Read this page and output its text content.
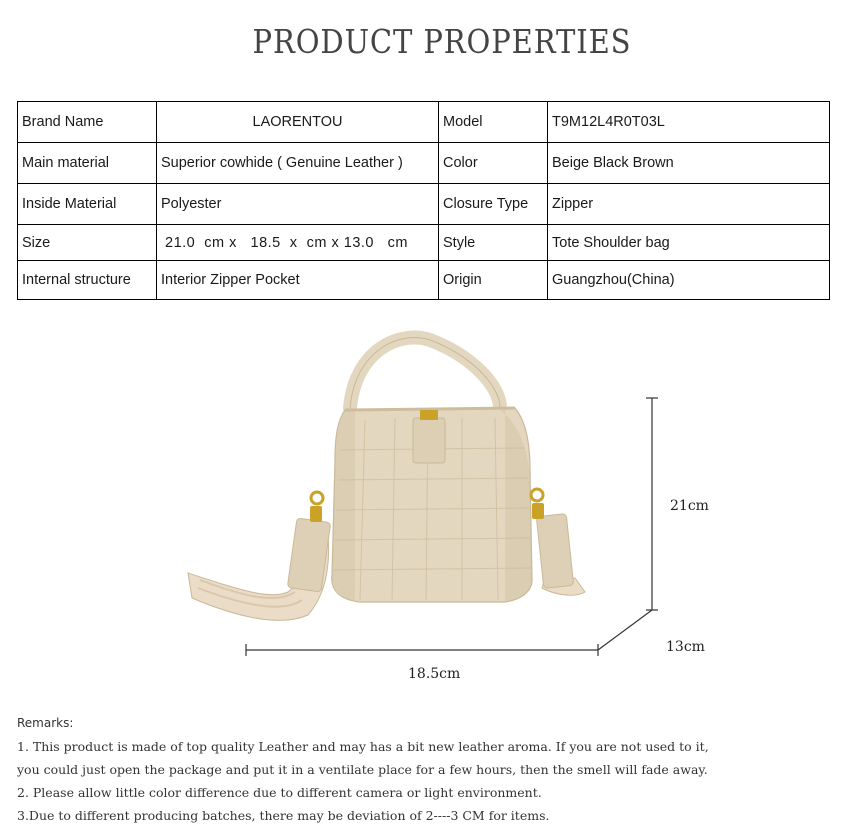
PRODUCT PROPERTIES
Brand Name	LAORENTOU	Model	T9M12L4R0T03L
Main material	Superior cowhide ( Genuine Leather )	Color	Beige Black Brown
Inside Material	Polyester	Closure Type	Zipper
Size	21.0 cm x 18.5 x cm x 13.0 cm	Style	Tote Shoulder bag
Internal structure	Interior Zipper Pocket	Origin	Guangzhou(China)
21cm
13cm
18.5cm
Remarks:
1. This product is made of top quality Leather and may has a bit new leather aroma. If you are not used to it,
you could just open the package and put it in a ventilate place for a few hours, then the smell will fade away.
2. Please allow little color difference due to different camera or light environment.
3.Due to different producing batches, there may be deviation of 2----3 CM for items.
